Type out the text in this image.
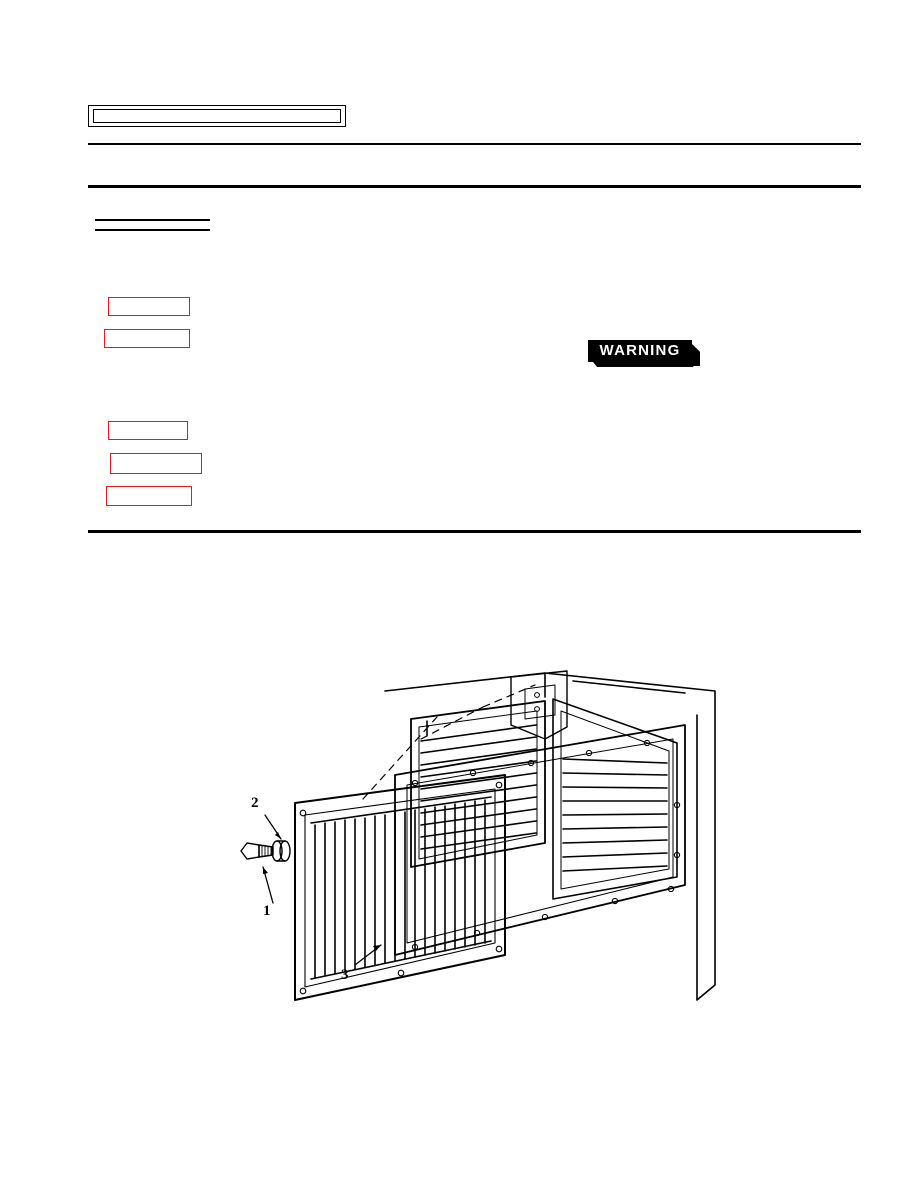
WARNING
2
1
3
